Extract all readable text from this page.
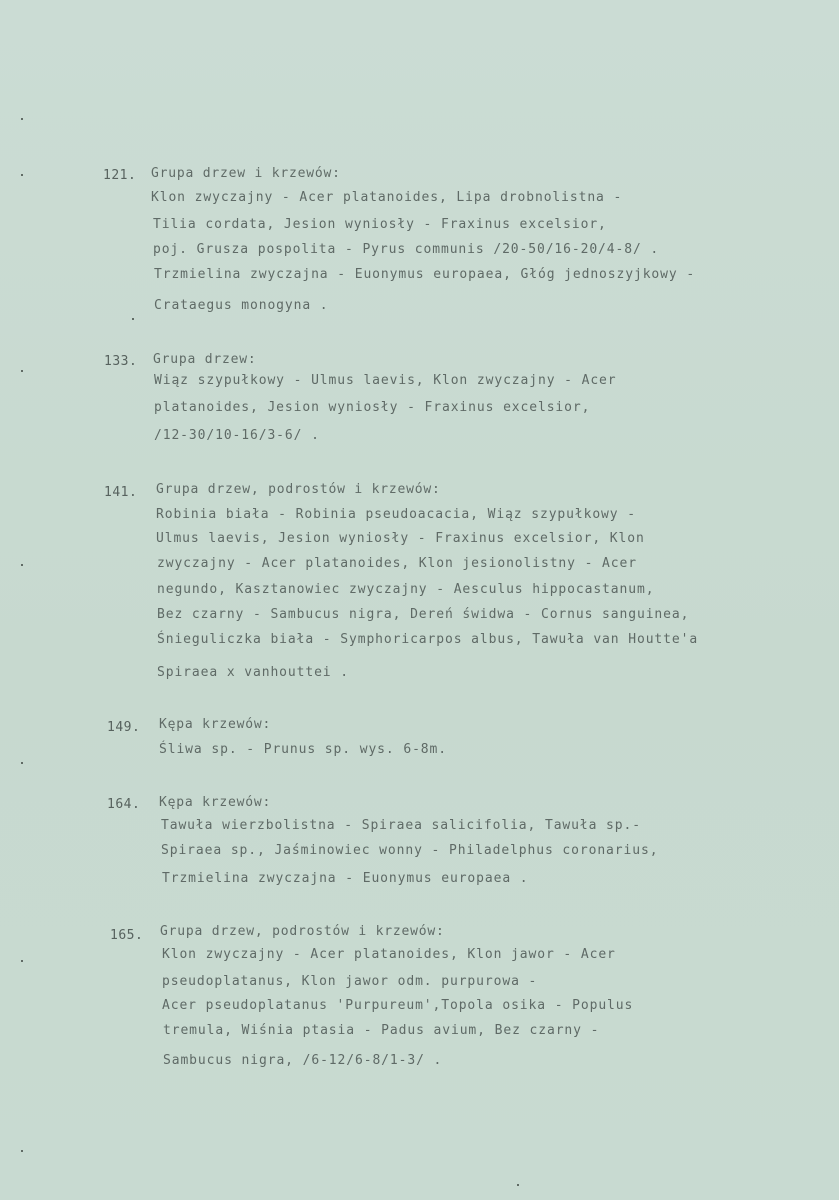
121. Grupa drzew i krzewów:
Klon zwyczajny - Acer platanoides, Lipa drobnolistna -
Tilia cordata, Jesion wyniosły - Fraxinus excelsior,
poj. Grusza pospolita - Pyrus communis /20-50/16-20/4-8/ .
Trzmielina zwyczajna - Euonymus europaea, Głóg jednoszyjkowy -
Crataegus monogyna .
133. Grupa drzew:
Wiąz szypułkowy - Ulmus laevis, Klon zwyczajny - Acer
platanoides, Jesion wyniosły - Fraxinus excelsior,
/12-30/10-16/3-6/ .
141. Grupa drzew, podrostów i krzewów:
Robinia biała - Robinia pseudoacacia, Wiąz szypułkowy -
Ulmus laevis, Jesion wyniosły - Fraxinus excelsior, Klon
zwyczajny - Acer platanoides, Klon jesionolistny - Acer
negundo, Kasztanowiec zwyczajny - Aesculus hippocastanum,
Bez czarny - Sambucus nigra, Dereń świdwa - Cornus sanguinea,
Śnieguliczka biała - Symphoricarpos albus, Tawuła van Houtte'a
Spiraea x vanhouttei .
149. Kępa krzewów:
Śliwa sp. - Prunus sp. wys. 6-8m.
164. Kępa krzewów:
Tawuła wierzbolistna - Spiraea salicifolia, Tawuła sp.-
Spiraea sp., Jaśminowiec wonny - Philadelphus coronarius,
Trzmielina zwyczajna - Euonymus europaea .
165. Grupa drzew, podrostów i krzewów:
Klon zwyczajny - Acer platanoides, Klon jawor - Acer
pseudoplatanus, Klon jawor odm. purpurowa -
Acer pseudoplatanus 'Purpureum',Topola osika - Populus
tremula, Wiśnia ptasia - Padus avium, Bez czarny -
Sambucus nigra, /6-12/6-8/1-3/ .
